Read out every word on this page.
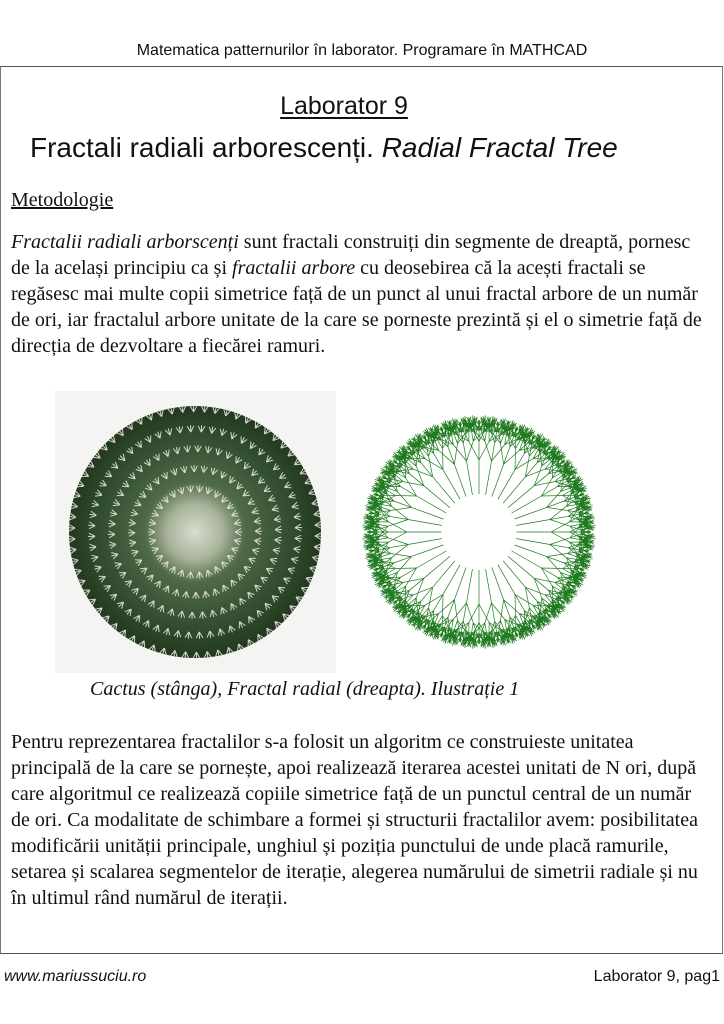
Matematica patternurilor în laborator. Programare în MATHCAD
Laborator 9
Fractali radiali arborescenți. Radial Fractal Tree
Metodologie

Fractalii radiali arborscenți sunt fractali construiți din segmente de dreaptă, pornesc de la același principiu ca și fractalii arbore cu deosebirea că la acești fractali se regăsesc mai multe copii simetrice față de un punct al unui fractal arbore de un număr de ori, iar fractalul arbore unitate de la care se porneste prezintă și el o simetrie față de direcția de dezvoltare a fiecărei ramuri.

Cactus (stânga), Fractal radial (dreapta). Ilustrație 1

Pentru reprezentarea fractalilor s-a folosit un algoritm ce construieste unitatea principală de la care se pornește, apoi realizează iterarea acestei unitati de N ori, după care algoritmul ce realizează copiile simetrice față de un punctul central de un număr de ori. Ca modalitate de schimbare a formei și structurii fractalilor avem: posibilitatea modificării unității principale, unghiul și poziția punctului de unde placă ramurile, setarea și scalarea segmentelor de iterație, alegerea numărului de simetrii radiale și nu în ultimul rând numărul de iterații.

www.mariussuciu.ro	Laborator 9, pag1
